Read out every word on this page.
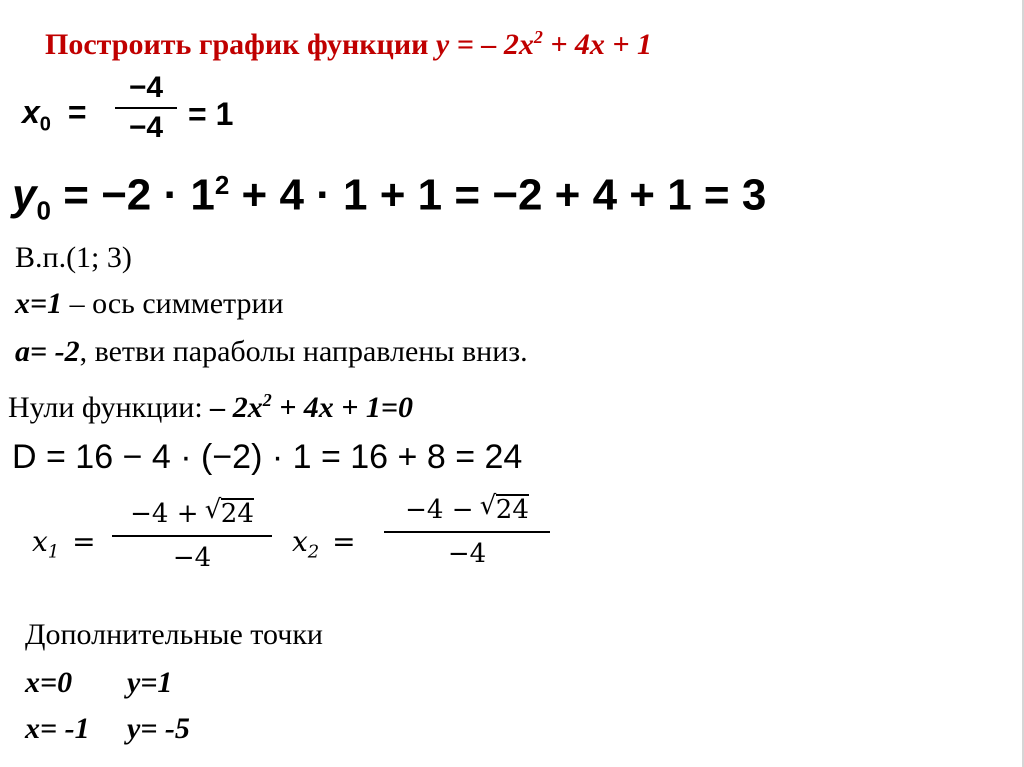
Построить график функции y = – $2x^2 + 4x + 1$
$x_0$ =
−4
−4 = 1
$y_0 = -2 \cdot 1^2 + 4 \cdot 1 + 1 = -2 + 4 + 1 = 3$
В.п.(1; 3)
x=1 – ось симметрии
a= -2, ветви параболы направлены вниз.
Нули функции: – $2x^2 + 4x + 1=0$
D = 16 − 4 · (−2) · 1 = 16 + 8 = 24
$x_1$ =
−4 + √ 24
−4	$x_2$ =
−4 − √ 24
−4
Дополнительные точки
x=0 y=1
x= -1 y= -5
